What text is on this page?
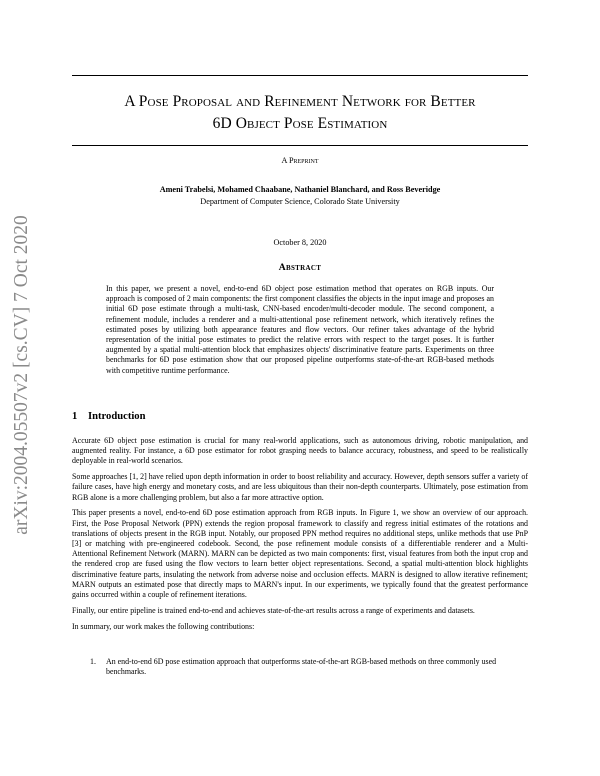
arXiv:2004.05507v2 [cs.CV] 7 Oct 2020
A Pose Proposal and Refinement Network for Better
6D Object Pose Estimation
A Preprint
Ameni Trabelsi, Mohamed Chaabane, Nathaniel Blanchard, and Ross Beveridge
Department of Computer Science, Colorado State University
October 8, 2020
Abstract
In this paper, we present a novel, end-to-end 6D object pose estimation method that operates on RGB inputs. Our approach is composed of 2 main components: the first component classifies the objects in the input image and proposes an initial 6D pose estimate through a multi-task, CNN-based encoder/multi-decoder module. The second component, a refinement module, includes a renderer and a multi-attentional pose refinement network, which iteratively refines the estimated poses by utilizing both appearance features and flow vectors. Our refiner takes advantage of the hybrid representation of the initial pose estimates to predict the relative errors with respect to the target poses. It is further augmented by a spatial multi-attention block that emphasizes objects' discriminative feature parts. Experiments on three benchmarks for 6D pose estimation show that our proposed pipeline outperforms state-of-the-art RGB-based methods with competitive runtime performance.
1 Introduction

Accurate 6D object pose estimation is crucial for many real-world applications, such as autonomous driving, robotic manipulation, and augmented reality. For instance, a 6D pose estimator for robot grasping needs to balance accuracy, robustness, and speed to be realistically deployable in real-world scenarios.

Some approaches [1, 2] have relied upon depth information in order to boost reliability and accuracy. However, depth sensors suffer a variety of failure cases, have high energy and monetary costs, and are less ubiquitous than their non-depth counterparts. Ultimately, pose estimation from RGB alone is a more challenging problem, but also a far more attractive option.

This paper presents a novel, end-to-end 6D pose estimation approach from RGB inputs. In Figure 1, we show an overview of our approach. First, the Pose Proposal Network (PPN) extends the region proposal framework to classify and regress initial estimates of the rotations and translations of objects present in the RGB input. Notably, our proposed PPN method requires no additional steps, unlike methods that use PnP [3] or matching with pre-engineered codebook. Second, the pose refinement module consists of a differentiable renderer and a Multi-Attentional Refinement Network (MARN). MARN can be depicted as two main components: first, visual features from both the input crop and the rendered crop are fused using the flow vectors to learn better object representations. Second, a spatial multi-attention block highlights discriminative feature parts, insulating the network from adverse noise and occlusion effects. MARN is designed to allow iterative refinement; MARN outputs an estimated pose that directly maps to MARN's input. In our experiments, we typically found that the greatest performance gains occurred within a couple of refinement iterations.

Finally, our entire pipeline is trained end-to-end and achieves state-of-the-art results across a range of experiments and datasets.

In summary, our work makes the following contributions:

1.	An end-to-end 6D pose estimation approach that outperforms state-of-the-art RGB-based methods on three commonly used benchmarks.
